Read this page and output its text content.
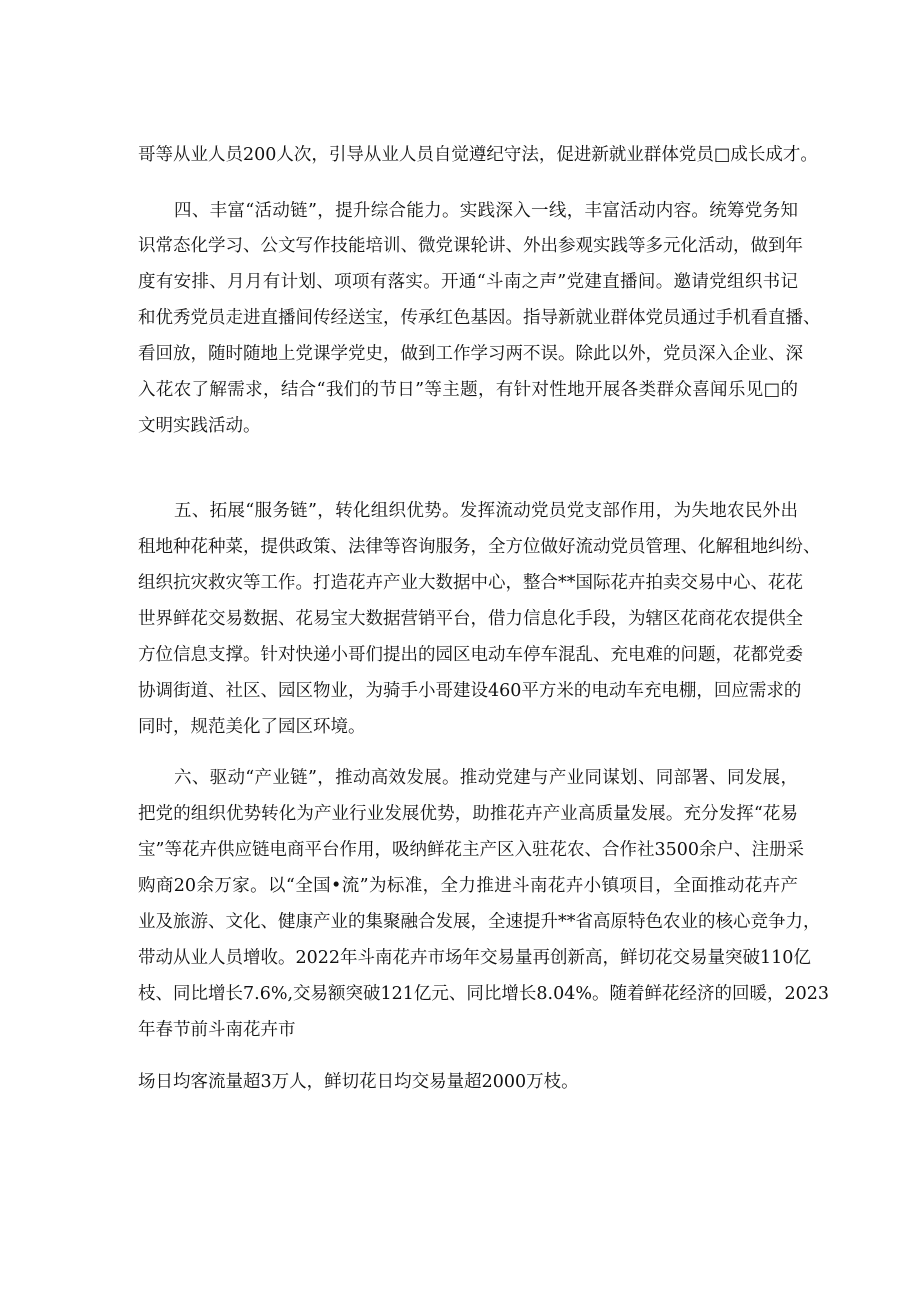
哥等从业人员200人次，引导从业人员自觉遵纪守法，促进新就业群体党员□成长成才。
四、丰富“活动链”，提升综合能力。实践深入一线，丰富活动内容。统筹党务知
识常态化学习、公文写作技能培训、微党课轮讲、外出参观实践等多元化活动，做到年
度有安排、月月有计划、项项有落实。开通“斗南之声”党建直播间。邀请党组织书记
和优秀党员走进直播间传经送宝，传承红色基因。指导新就业群体党员通过手机看直播、
看回放，随时随地上党课学党史，做到工作学习两不误。除此以外，党员深入企业、深
入花农了解需求，结合“我们的节日”等主题，有针对性地开展各类群众喜闻乐见□的
文明实践活动。
五、拓展“服务链”，转化组织优势。发挥流动党员党支部作用，为失地农民外出
租地种花种菜，提供政策、法律等咨询服务，全方位做好流动党员管理、化解租地纠纷、
组织抗灾救灾等工作。打造花卉产业大数据中心，整合**国际花卉拍卖交易中心、花花
世界鲜花交易数据、花易宝大数据营销平台，借力信息化手段，为辖区花商花农提供全
方位信息支撑。针对快递小哥们提出的园区电动车停车混乱、充电难的问题，花都党委
协调街道、社区、园区物业，为骑手小哥建设460平方米的电动车充电棚，回应需求的
同时，规范美化了园区环境。
六、驱动“产业链”，推动高效发展。推动党建与产业同谋划、同部署、同发展，
把党的组织优势转化为产业行业发展优势，助推花卉产业高质量发展。充分发挥“花易
宝”等花卉供应链电商平台作用，吸纳鲜花主产区入驻花农、合作社3500余户、注册采
购商20余万家。以“全国•流”为标准，全力推进斗南花卉小镇项目，全面推动花卉产
业及旅游、文化、健康产业的集聚融合发展，全速提升**省高原特色农业的核心竞争力，
带动从业人员增收。2022年斗南花卉市场年交易量再创新高，鲜切花交易量突破110亿
枝、同比增长7.6%,交易额突破121亿元、同比增长8.04%。随着鲜花经济的回暖，2023
年春节前斗南花卉市
场日均客流量超3万人，鲜切花日均交易量超2000万枝。
